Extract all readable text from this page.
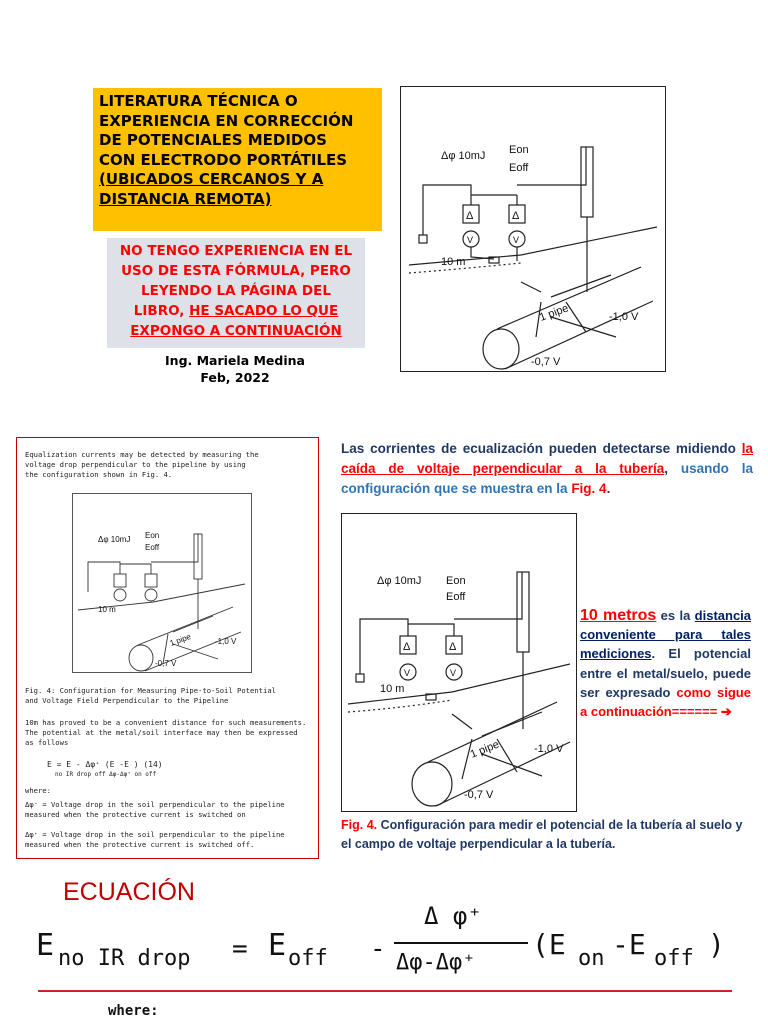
LITERATURA TÉCNICA O
EXPERIENCIA EN CORRECCIÓN
DE POTENCIALES MEDIDOS
CON ELECTRODO PORTÁTILES
(UBICADOS CERCANOS Y A
DISTANCIA REMOTA)
NO TENGO EXPERIENCIA EN EL
USO DE ESTA FÓRMULA, PERO
LEYENDO LA PÁGINA DEL
LIBRO, HE SACADO LO QUE
EXPONGO A CONTINUACIÓN
Ing. Mariela Medina
Feb, 2022
Δφ 10mJ Eon
Eoff
10 m
1 pipe	-1,0 V
-0,7 V
Δ
V
Δ
V
Equalization currents may be detected by measuring the
voltage drop perpendicular to the pipeline by using
the configuration shown in Fig. 4.
Δφ 10mJ Eon
Eoff
10 m
1 pipe	-1,0 V
-0,7 V
Fig. 4: Configuration for Measuring Pipe-to-Soil Potential
and Voltage Field Perpendicular to the Pipeline
10m has proved to be a convenient distance for such measurements.
The potential at the metal/soil interface may then be expressed
as follows
E = E - Δφ⁺ (E -E ) (14)
no IR drop off Δφ-Δφ⁺ on off
where:
Δφ⁻ = Voltage drop in the soil perpendicular to the pipeline
measured when the protective current is switched on
Δφ⁺ = Voltage drop in the soil perpendicular to the pipeline
measured when the protective current is switched off.
Las corrientes de ecualización pueden detectarse midiendo la caída de voltaje perpendicular a la tubería, usando la configuración que se muestra en la Fig. 4.
Δφ 10mJ Eon
Eoff
10 m
1 pipe	-1,0 V
-0,7 V
Δ
V
Δ
V
10 metros es la distancia conveniente para tales mediciones. El potencial entre el metal/suelo, puede ser expresado como sigue a continuación====== ➔
Fig. 4. Configuración para medir el potencial de la tubería al suelo y el campo de voltaje perpendicular a la tubería.
ECUACIÓN
E no IR drop = E off -
Δ φ⁺
Δφ-Δφ⁺
(E on -E off )
where:
